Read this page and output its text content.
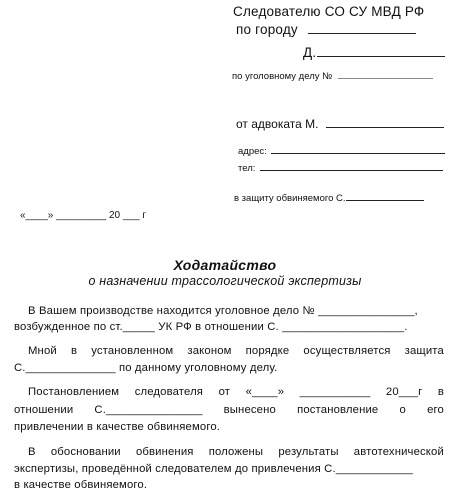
Следователю СО СУ МВД РФ
по городу
Д.
по уголовному делу №
от адвоката М.
адрес:
тел:
в защиту обвиняемого С.
«____» _________ 20 ___ г
Ходатайство
о назначении трассологической экспертизы
В Вашем производстве находится уголовное дело № _______________,
возбужденное по ст._____ УК РФ в отношении С. ___________________.
Мной в установленном законом порядке осуществляется защита
С.______________ по данному уголовному делу.
Постановлением следователя от «____» ___________ 20___г в
отношении С._______________ вынесено постановление о его
привлечении в качестве обвиняемого.
В обосновании обвинения положены результаты автотехнической
экспертизы, проведённой следователем до привлечения С.____________
в качестве обвиняемого.
